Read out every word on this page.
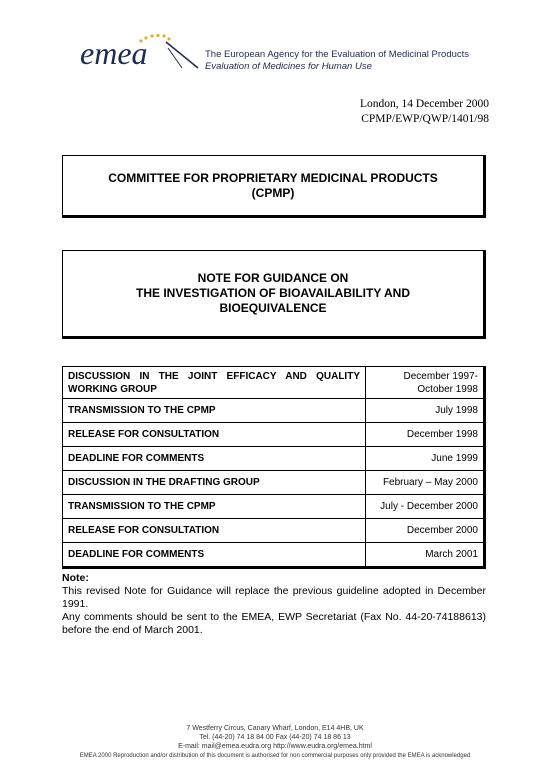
emea	The European Agency for the Evaluation of Medicinal Products
Evaluation of Medicines for Human Use
London, 14 December 2000
CPMP/EWP/QWP/1401/98
COMMITTEE FOR PROPRIETARY MEDICINAL PRODUCTS
(CPMP)
NOTE FOR GUIDANCE ON
THE INVESTIGATION OF BIOAVAILABILITY AND
BIOEQUIVALENCE
DISCUSSION IN THE JOINT EFFICACY AND QUALITY WORKING GROUP	December 1997-
October 1998

TRANSMISSION TO THE CPMP	July 1998
RELEASE FOR CONSULTATION	December 1998
DEADLINE FOR COMMENTS	June 1999
DISCUSSION IN THE DRAFTING GROUP	February – May 2000
TRANSMISSION TO THE CPMP	July - December 2000
RELEASE FOR CONSULTATION	December 2000
DEADLINE FOR COMMENTS	March 2001
Note:
This revised Note for Guidance will replace the previous guideline adopted in December 1991.
Any comments should be sent to the EMEA, EWP Secretariat (Fax No. 44-20-74188613) before the end of March 2001.
7 Westferry Circus, Canary Wharf, London, E14 4HB, UK
Tel. (44-20) 74 18 84 00 Fax (44-20) 74 18 86 13
E-mail: mail@emea.eudra.org http://www.eudra.org/emea.html
EMEA 2000 Reproduction and/or distribution of this document is authorised for non commercial purposes only provided the EMEA is acknowledged
